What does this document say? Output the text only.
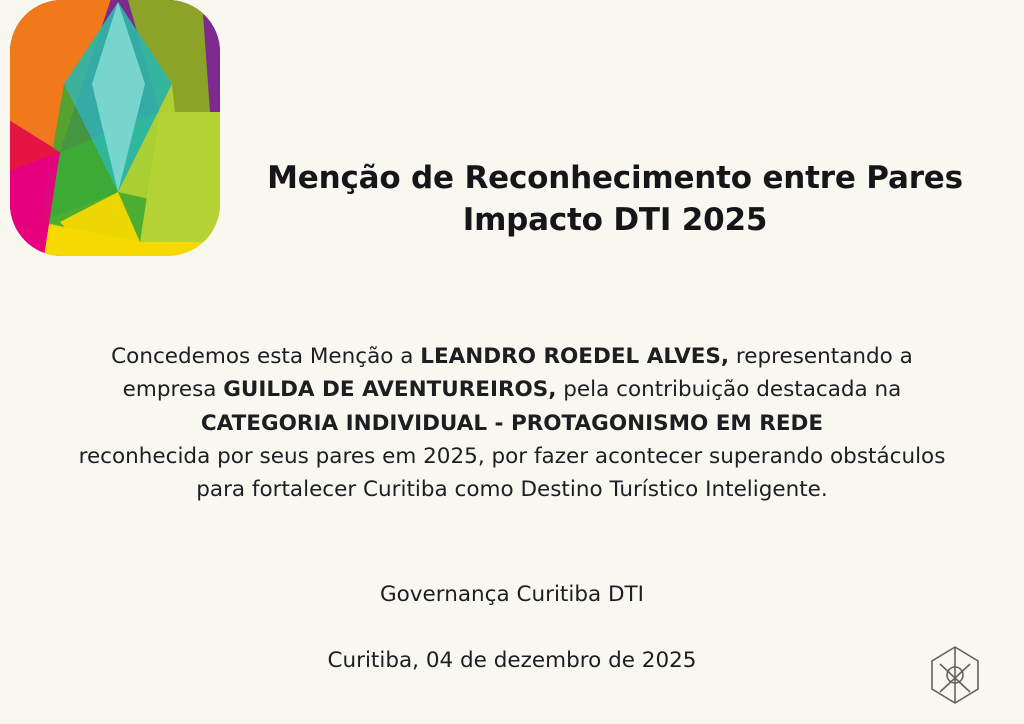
Menção de Reconhecimento entre Pares
Impacto DTI 2025
Concedemos esta Menção a LEANDRO ROEDEL ALVES, representando a
empresa GUILDA DE AVENTUREIROS, pela contribuição destacada na
CATEGORIA INDIVIDUAL - PROTAGONISMO EM REDE
reconhecida por seus pares em 2025, por fazer acontecer superando obstáculos
para fortalecer Curitiba como Destino Turístico Inteligente.
Governança Curitiba DTI
Curitiba, 04 de dezembro de 2025
